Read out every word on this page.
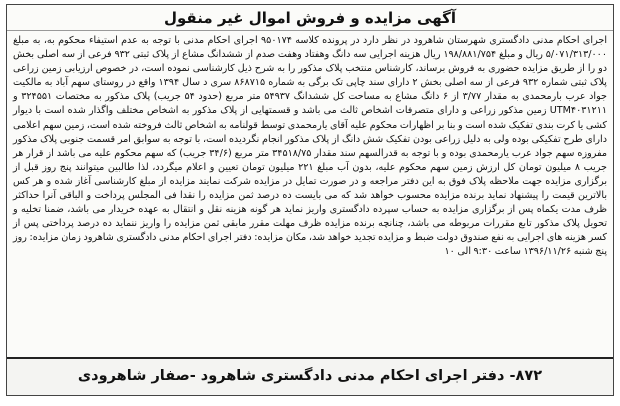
آگهی مزایده و فروش اموال غیر منقول
اجرای احکام مدنی دادگستری شهرستان شاهرود در نظر دارد در پرونده کلاسه ۹۵۰۱۷۴ اجرای احکام مدنی با توجه به عدم استیفاء محکوم به، به مبلغ ۵/۰۷۱/۳۱۳/۰۰۰ ریال و مبلغ ۱۹۸/۸۸۱/۷۵۴ ریال هزینه اجرایی سه دانگ وهفتاد وهفت صدم از ششدانگ مشاع از پلاک ثبتی ۹۳۲ فرعی از سه اصلی بخش دو را از طریق مزایده حضوری به فروش برساند، کارشناس منتخب پلاک مذکور را به شرح ذیل کارشناسی نموده است، در خصوص ارزیابی زمین زراعی پلاک ثبتی شماره ۹۳۲ فرعی از سه اصلی بخش ۲ دارای سند چاپی تک برگی به شماره ۸۶۸۷۱۵ سری د سال ۱۳۹۴ واقع در روستای سهم آباد به مالکیت جواد عرب بارمحمدی به مقدار ۳/۷۷ از ۶ دانگ مشاع به مساحت کل ششدانگ ۵۴۹۳۷ متر مربع (حدود ۵۴ جریب) پلاک مذکور به مختصات ۳۲۴۵۵۱ و UTM۴۰۳۱۲۱۱ زمین مذکور زراعی و دارای متصرفات اشخاص ثالث می باشد و قسمتهایی از پلاک مذکور به اشخاص مختلف واگذار شده است با دیوار کشی یا کرت بندی تفکیک شده است و بنا بر اظهارات محکوم علیه آقای یارمحمدی توسط قولنامه به اشخاص ثالث فروخته شده است، زمین سهم اعلامی دارای طرح تفکیکی بوده ولی به دلیل زراعی بودن تفکیک شش دانگ از پلاک مذکور انجام نگردیده است، با توجه به سوابق امر قسمت جنوبی پلاک مذکور مفروزه سهم جواد عرب یارمحمدی بوده و با توجه به قدرالسهم سند مقدار ۳۴۵۱۸/۷۵ متر مربع (۳۴/۶ جریب) که سهم محکوم علیه می باشد از قرار هر جریب ۸ میلیون تومان کل ارزش زمین سهم محکوم علیه، بدون آب مبلغ ۲۲۱ میلیون تومان تعیین و اعلام میگردد، لذا طالبین میتوانند پنج روز قبل از برگزاری مزایده جهت ملاحظه پلاک فوق به این دفتر مراجعه و در صورت تمایل در مزایده شرکت نمایند مزایده از مبلغ کارشناسی آغاز شده و هر کس بالاترین قیمت را پیشنهاد نماید برنده مزایده محسوب خواهد شد که می بایست ده درصد ثمن مزایده را نقدا فی المجلس پرداخت و الباقی آنرا حداکثر ظرف مدت یکماه پس از برگزاری مزایده به حساب سپرده دادگستری واریز نماید هر گونه هزینه نقل و انتقال به عهده خریدار می باشد، ضمنا تخلیه و تحویل پلاک مذکور تابع مقررات مربوطه می باشد، چنانچه برنده مزایده ظرف مهلت مقرر مابقی ثمن مزایده را واریز ننماید ده درصد پرداختی پس از کسر هزینه های اجرایی به نفع صندوق دولت ضبط و مزایده تجدید خواهد شد، مکان مزایده: دفتر اجرای احکام مدنی دادگستری شاهرود زمان مزایده: روز پنج شنبه ۱۳۹۶/۱۱/۲۶ ساعت ۹:۳۰ الی ۱۰
۸۷۲- دفتر اجرای احکام مدنی دادگستری شاهرود -صفار شاهرودی
